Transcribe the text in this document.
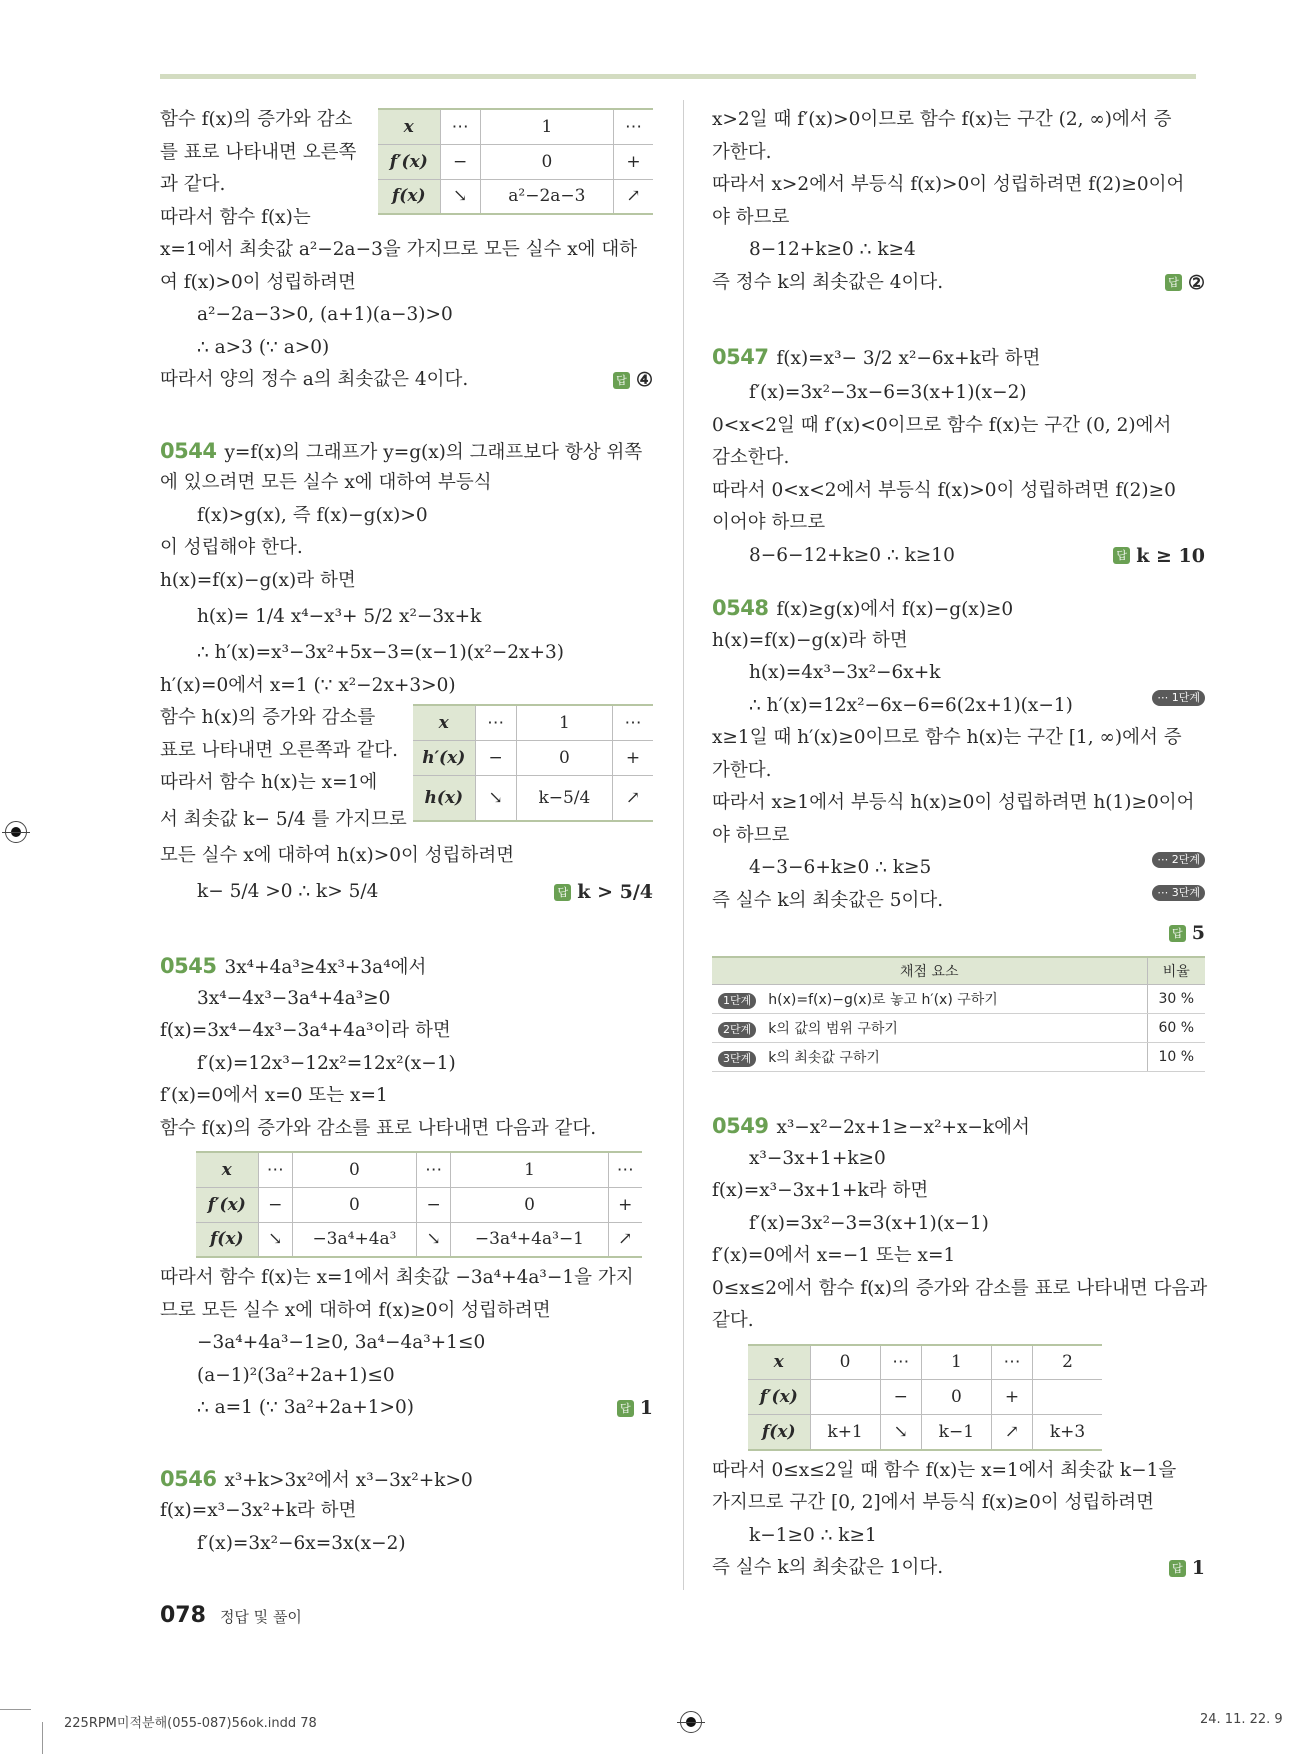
x	⋯	1	⋯
f′(x)	−	0	+
f(x)	↘	a²−2a−3	↗
함수 f(x)의 증가와 감소
를 표로 나타내면 오른쪽
과 같다.
따라서 함수 f(x)는
x=1에서 최솟값 a²−2a−3을 가지므로 모든 실수 x에 대하
여 f(x)>0이 성립하려면
a²−2a−3>0, (a+1)(a−3)>0
∴ a>3 (∵ a>0)
따라서 양의 정수 a의 최솟값은 4이다.	답 ④
0544 y=f(x)의 그래프가 y=g(x)의 그래프보다 항상 위쪽
에 있으려면 모든 실수 x에 대하여 부등식
f(x)>g(x), 즉 f(x)−g(x)>0
이 성립해야 한다.
h(x)=f(x)−g(x)라 하면
h(x)= 1/4 x⁴−x³+ 5/2 x²−3x+k
∴ h′(x)=x³−3x²+5x−3=(x−1)(x²−2x+3)
h′(x)=0에서 x=1 (∵ x²−2x+3>0)
x	⋯	1	⋯
h′(x)	−	0	+
h(x)	↘	k−5/4	↗
함수 h(x)의 증가와 감소를
표로 나타내면 오른쪽과 같다.
따라서 함수 h(x)는 x=1에
서 최솟값 k− 5/4 를 가지므로
모든 실수 x에 대하여 h(x)>0이 성립하려면
k− 5/4 >0 ∴ k> 5/4	답 k > 5/4
0545 3x⁴+4a³≥4x³+3a⁴에서
3x⁴−4x³−3a⁴+4a³≥0
f(x)=3x⁴−4x³−3a⁴+4a³이라 하면
f′(x)=12x³−12x²=12x²(x−1)
f′(x)=0에서 x=0 또는 x=1
함수 f(x)의 증가와 감소를 표로 나타내면 다음과 같다.
x	⋯	0	⋯	1	⋯
f′(x)	−	0	−	0	+
f(x)	↘	−3a⁴+4a³	↘	−3a⁴+4a³−1	↗
따라서 함수 f(x)는 x=1에서 최솟값 −3a⁴+4a³−1을 가지
므로 모든 실수 x에 대하여 f(x)≥0이 성립하려면
−3a⁴+4a³−1≥0, 3a⁴−4a³+1≤0
(a−1)²(3a²+2a+1)≤0
∴ a=1 (∵ 3a²+2a+1>0)	답 1
0546 x³+k>3x²에서 x³−3x²+k>0
f(x)=x³−3x²+k라 하면
f′(x)=3x²−6x=3x(x−2)
x>2일 때 f′(x)>0이므로 함수 f(x)는 구간 (2, ∞)에서 증
가한다.
따라서 x>2에서 부등식 f(x)>0이 성립하려면 f(2)≥0이어
야 하므로
8−12+k≥0 ∴ k≥4
즉 정수 k의 최솟값은 4이다.	답 ②
0547 f(x)=x³− 3/2 x²−6x+k라 하면
f′(x)=3x²−3x−6=3(x+1)(x−2)
0<x<2일 때 f′(x)<0이므로 함수 f(x)는 구간 (0, 2)에서
감소한다.
따라서 0<x<2에서 부등식 f(x)>0이 성립하려면 f(2)≥0
이어야 하므로
8−6−12+k≥0 ∴ k≥10	답 k ≥ 10
0548 f(x)≥g(x)에서 f(x)−g(x)≥0
h(x)=f(x)−g(x)라 하면
h(x)=4x³−3x²−6x+k
∴ h′(x)=12x²−6x−6=6(2x+1)(x−1)	⋯ 1단계
x≥1일 때 h′(x)≥0이므로 함수 h(x)는 구간 [1, ∞)에서 증
가한다.
따라서 x≥1에서 부등식 h(x)≥0이 성립하려면 h(1)≥0이어
야 하므로
4−3−6+k≥0 ∴ k≥5	⋯ 2단계
즉 실수 k의 최솟값은 5이다.	⋯ 3단계
답 5
채점 요소	비율
1단계 h(x)=f(x)−g(x)로 놓고 h′(x) 구하기	30 %
2단계 k의 값의 범위 구하기	60 %
3단계 k의 최솟값 구하기	10 %
0549 x³−x²−2x+1≥−x²+x−k에서
x³−3x+1+k≥0
f(x)=x³−3x+1+k라 하면
f′(x)=3x²−3=3(x+1)(x−1)
f′(x)=0에서 x=−1 또는 x=1
0≤x≤2에서 함수 f(x)의 증가와 감소를 표로 나타내면 다음과
같다.
x	0	⋯	1	⋯	2
f′(x)		−	0	+	
f(x)	k+1	↘	k−1	↗	k+3
따라서 0≤x≤2일 때 함수 f(x)는 x=1에서 최솟값 k−1을
가지므로 구간 [0, 2]에서 부등식 f(x)≥0이 성립하려면
k−1≥0 ∴ k≥1
즉 실수 k의 최솟값은 1이다.	답 1
078 정답 및 풀이
225RPM미적분해(055-087)56ok.indd 78	24. 11. 22. 9
